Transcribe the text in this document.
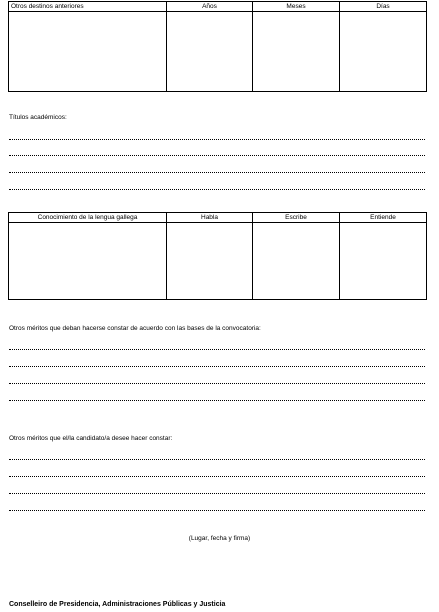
Otros destinos anteriores	Años	Meses	Días

Títulos académicos:
Conocimiento de la lengua gallega	Habla	Escribe	Entiende

Otros méritos que deban hacerse constar de acuerdo con las bases de la convocatoria:
Otros méritos que el/la candidato/a desee hacer constar:
(Lugar, fecha y firma)
Conselleiro de Presidencia, Administraciones Públicas y Justicia
